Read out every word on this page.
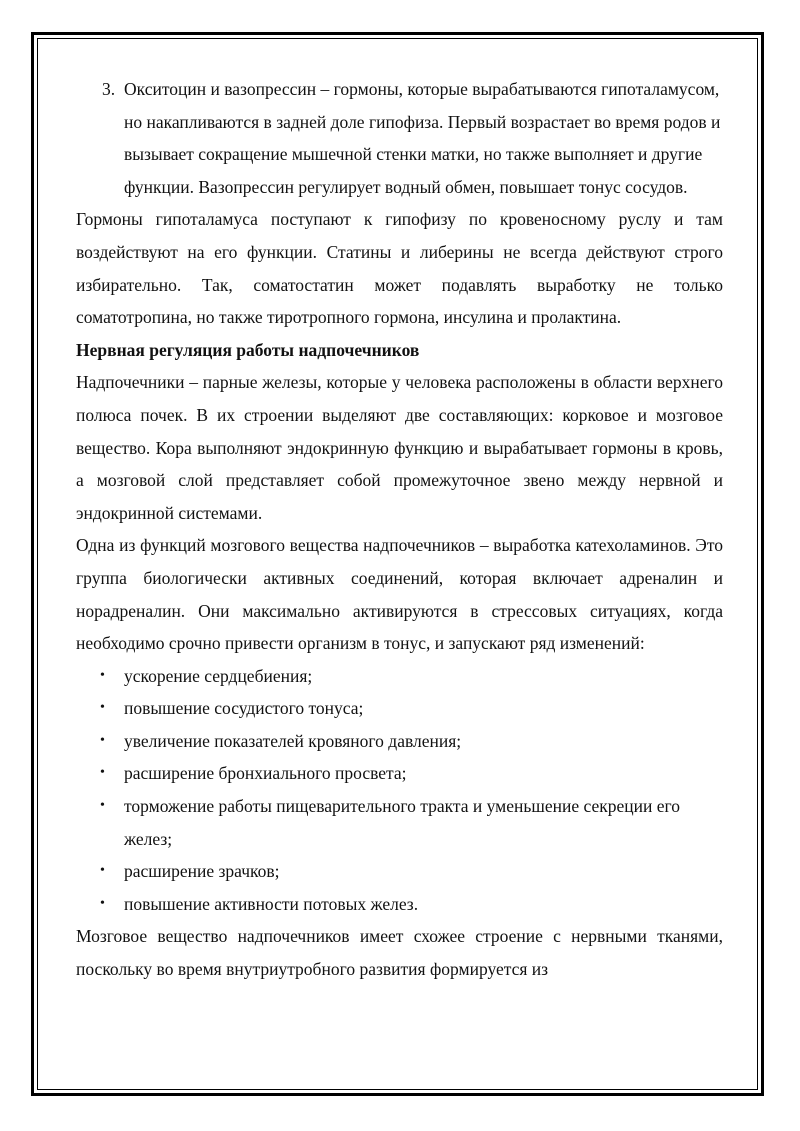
3. Окситоцин и вазопрессин – гормоны, которые вырабатываются гипоталамусом, но накапливаются в задней доле гипофиза. Первый возрастает во время родов и вызывает сокращение мышечной стенки матки, но также выполняет и другие функции. Вазопрессин регулирует водный обмен, повышает тонус сосудов.

Гормоны гипоталамуса поступают к гипофизу по кровеносному руслу и там воздействуют на его функции. Статины и либерины не всегда действуют строго избирательно. Так, соматостатин может подавлять выработку не только соматотропина, но также тиротропного гормона, инсулина и пролактина.

Нервная регуляция работы надпочечников

Надпочечники – парные железы, которые у человека расположены в области верхнего полюса почек. В их строении выделяют две составляющих: корковое и мозговое вещество. Кора выполняют эндокринную функцию и вырабатывает гормоны в кровь, а мозговой слой представляет собой промежуточное звено между нервной и эндокринной системами.

Одна из функций мозгового вещества надпочечников – выработка катехоламинов. Это группа биологически активных соединений, которая включает адреналин и норадреналин. Они максимально активируются в стрессовых ситуациях, когда необходимо срочно привести организм в тонус, и запускают ряд изменений:

• ускорение сердцебиения;
• повышение сосудистого тонуса;
• увеличение показателей кровяного давления;
• расширение бронхиального просвета;
• торможение работы пищеварительного тракта и уменьшение секреции его желез;
• расширение зрачков;
• повышение активности потовых желез.

Мозговое вещество надпочечников имеет схожее строение с нервными тканями, поскольку во время внутриутробного развития формируется из
